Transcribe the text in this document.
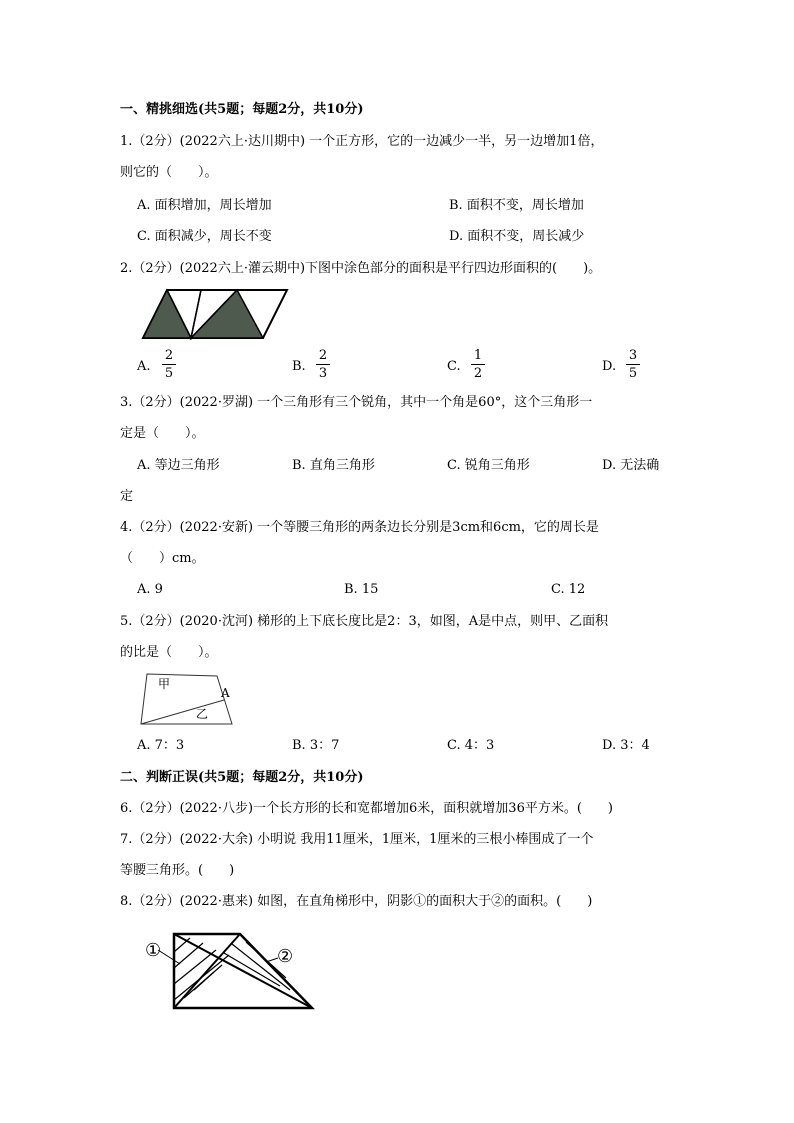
一、精挑细选(共5题；每题2分，共10分)
1.（2分）(2022六上·达川期中) 一个正方形，它的一边减少一半，另一边增加1倍，
则它的（　　）。
A. 面积增加，周长增加	B. 面积不变，周长增加
C. 面积减少，周长不变	D. 面积不变，周长减少
2.（2分）(2022六上·灌云期中)下图中涂色部分的面积是平行四边形面积的(　　)。
A.
2
5	B.
2
3	C.
1
2	D.
3
5
3.（2分）(2022·罗湖) 一个三角形有三个锐角，其中一个角是60°，这个三角形一
定是（　　）。
A. 等边三角形	B. 直角三角形	C. 锐角三角形	D. 无法确
定
4.（2分）(2022·安新) 一个等腰三角形的两条边长分别是3cm和6cm，它的周长是
（　　）cm。
A. 9	B. 15	C. 12
5.（2分）(2020·沈河) 梯形的上下底长度比是2：3，如图，A是中点，则甲、乙面积
的比是（　　）。
甲
乙
A
A. 7：3	B. 3：7	C. 4：3	D. 3：4
二、判断正误(共5题；每题2分，共10分)
6.（2分）(2022·八步)一个长方形的长和宽都增加6米，面积就增加36平方米。(　　)
7.（2分）(2022·大余) 小明说 我用11厘米，1厘米，1厘米的三根小棒围成了一个
等腰三角形。(　　)
8.（2分）(2022·惠来) 如图，在直角梯形中，阴影①的面积大于②的面积。(　　)
①	②
